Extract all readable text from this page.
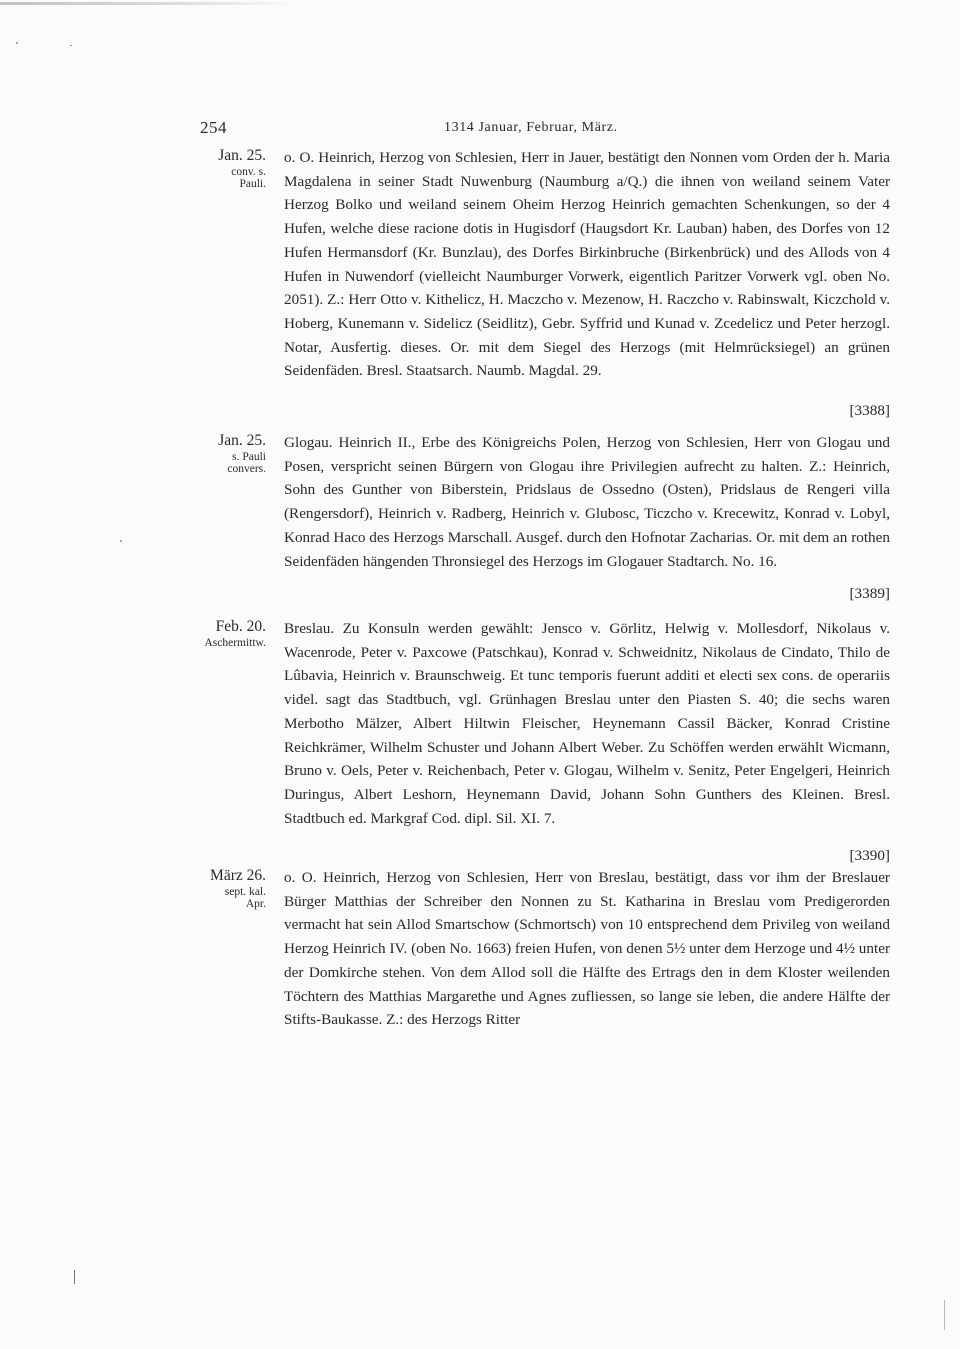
254	1314 Januar, Februar, März.
Jan. 25.
conv. s.
Pauli.
o. O. Heinrich, Herzog von Schlesien, Herr in Jauer, bestätigt den Nonnen vom Orden der h. Maria Magdalena in seiner Stadt Nuwenburg (Naumburg a/Q.) die ihnen von weiland seinem Vater Herzog Bolko und weiland seinem Oheim Herzog Heinrich gemachten Schenkungen, so der 4 Hufen, welche diese racione dotis in Hugisdorf (Haugsdort Kr. Lauban) haben, des Dorfes von 12 Hufen Hermansdorf (Kr. Bunzlau), des Dorfes Birkinbruche (Birkenbrück) und des Allods von 4 Hufen in Nuwendorf (vielleicht Naumburger Vorwerk, eigentlich Paritzer Vorwerk vgl. oben No. 2051). Z.: Herr Otto v. Kithelicz, H. Maczcho v. Mezenow, H. Raczcho v. Rabinswalt, Kiczchold v. Hoberg, Kunemann v. Sidelicz (Seidlitz), Gebr. Syffrid und Kunad v. Zcedelicz und Peter herzogl. Notar, Ausfertig. dieses. Or. mit dem Siegel des Herzogs (mit Helmrücksiegel) an grünen Seidenfäden. Bresl. Staatsarch. Naumb. Magdal. 29.
[3388]
Jan. 25.
s. Pauli
convers.
Glogau. Heinrich II., Erbe des Königreichs Polen, Herzog von Schlesien, Herr von Glogau und Posen, verspricht seinen Bürgern von Glogau ihre Privilegien aufrecht zu halten. Z.: Heinrich, Sohn des Gunther von Biberstein, Pridslaus de Ossedno (Osten), Pridslaus de Rengeri villa (Rengersdorf), Heinrich v. Radberg, Heinrich v. Glubosc, Ticzcho v. Krecewitz, Konrad v. Lobyl, Konrad Haco des Herzogs Marschall. Ausgef. durch den Hofnotar Zacharias. Or. mit dem an rothen Seidenfäden hängenden Thronsiegel des Herzogs im Glogauer Stadtarch. No. 16.
[3389]
Feb. 20.
Aschermittw.
Breslau. Zu Konsuln werden gewählt: Jensco v. Görlitz, Helwig v. Mollesdorf, Nikolaus v. Wacenrode, Peter v. Paxcowe (Patschkau), Konrad v. Schweidnitz, Nikolaus de Cindato, Thilo de Lûbavia, Heinrich v. Braunschweig. Et tunc temporis fuerunt additi et electi sex cons. de operariis videl. sagt das Stadtbuch, vgl. Grünhagen Breslau unter den Piasten S. 40; die sechs waren Merbotho Mälzer, Albert Hiltwin Fleischer, Heynemann Cassil Bäcker, Konrad Cristine Reichkrämer, Wilhelm Schuster und Johann Albert Weber. Zu Schöffen werden erwählt Wicmann, Bruno v. Oels, Peter v. Reichenbach, Peter v. Glogau, Wilhelm v. Senitz, Peter Engelgeri, Heinrich Duringus, Albert Leshorn, Heynemann David, Johann Sohn Gunthers des Kleinen. Bresl. Stadtbuch ed. Markgraf Cod. dipl. Sil. XI. 7.
[3390]
März 26.
sept. kal.
Apr.
o. O. Heinrich, Herzog von Schlesien, Herr von Breslau, bestätigt, dass vor ihm der Breslauer Bürger Matthias der Schreiber den Nonnen zu St. Katharina in Breslau vom Predigerorden vermacht hat sein Allod Smartschow (Schmortsch) von 10 entsprechend dem Privileg von weiland Herzog Heinrich IV. (oben No. 1663) freien Hufen, von denen 5½ unter dem Herzoge und 4½ unter der Domkirche stehen. Von dem Allod soll die Hälfte des Ertrags den in dem Kloster weilenden Töchtern des Matthias Margarethe und Agnes zufliessen, so lange sie leben, die andere Hälfte der Stifts-Baukasse. Z.: des Herzogs Ritter
